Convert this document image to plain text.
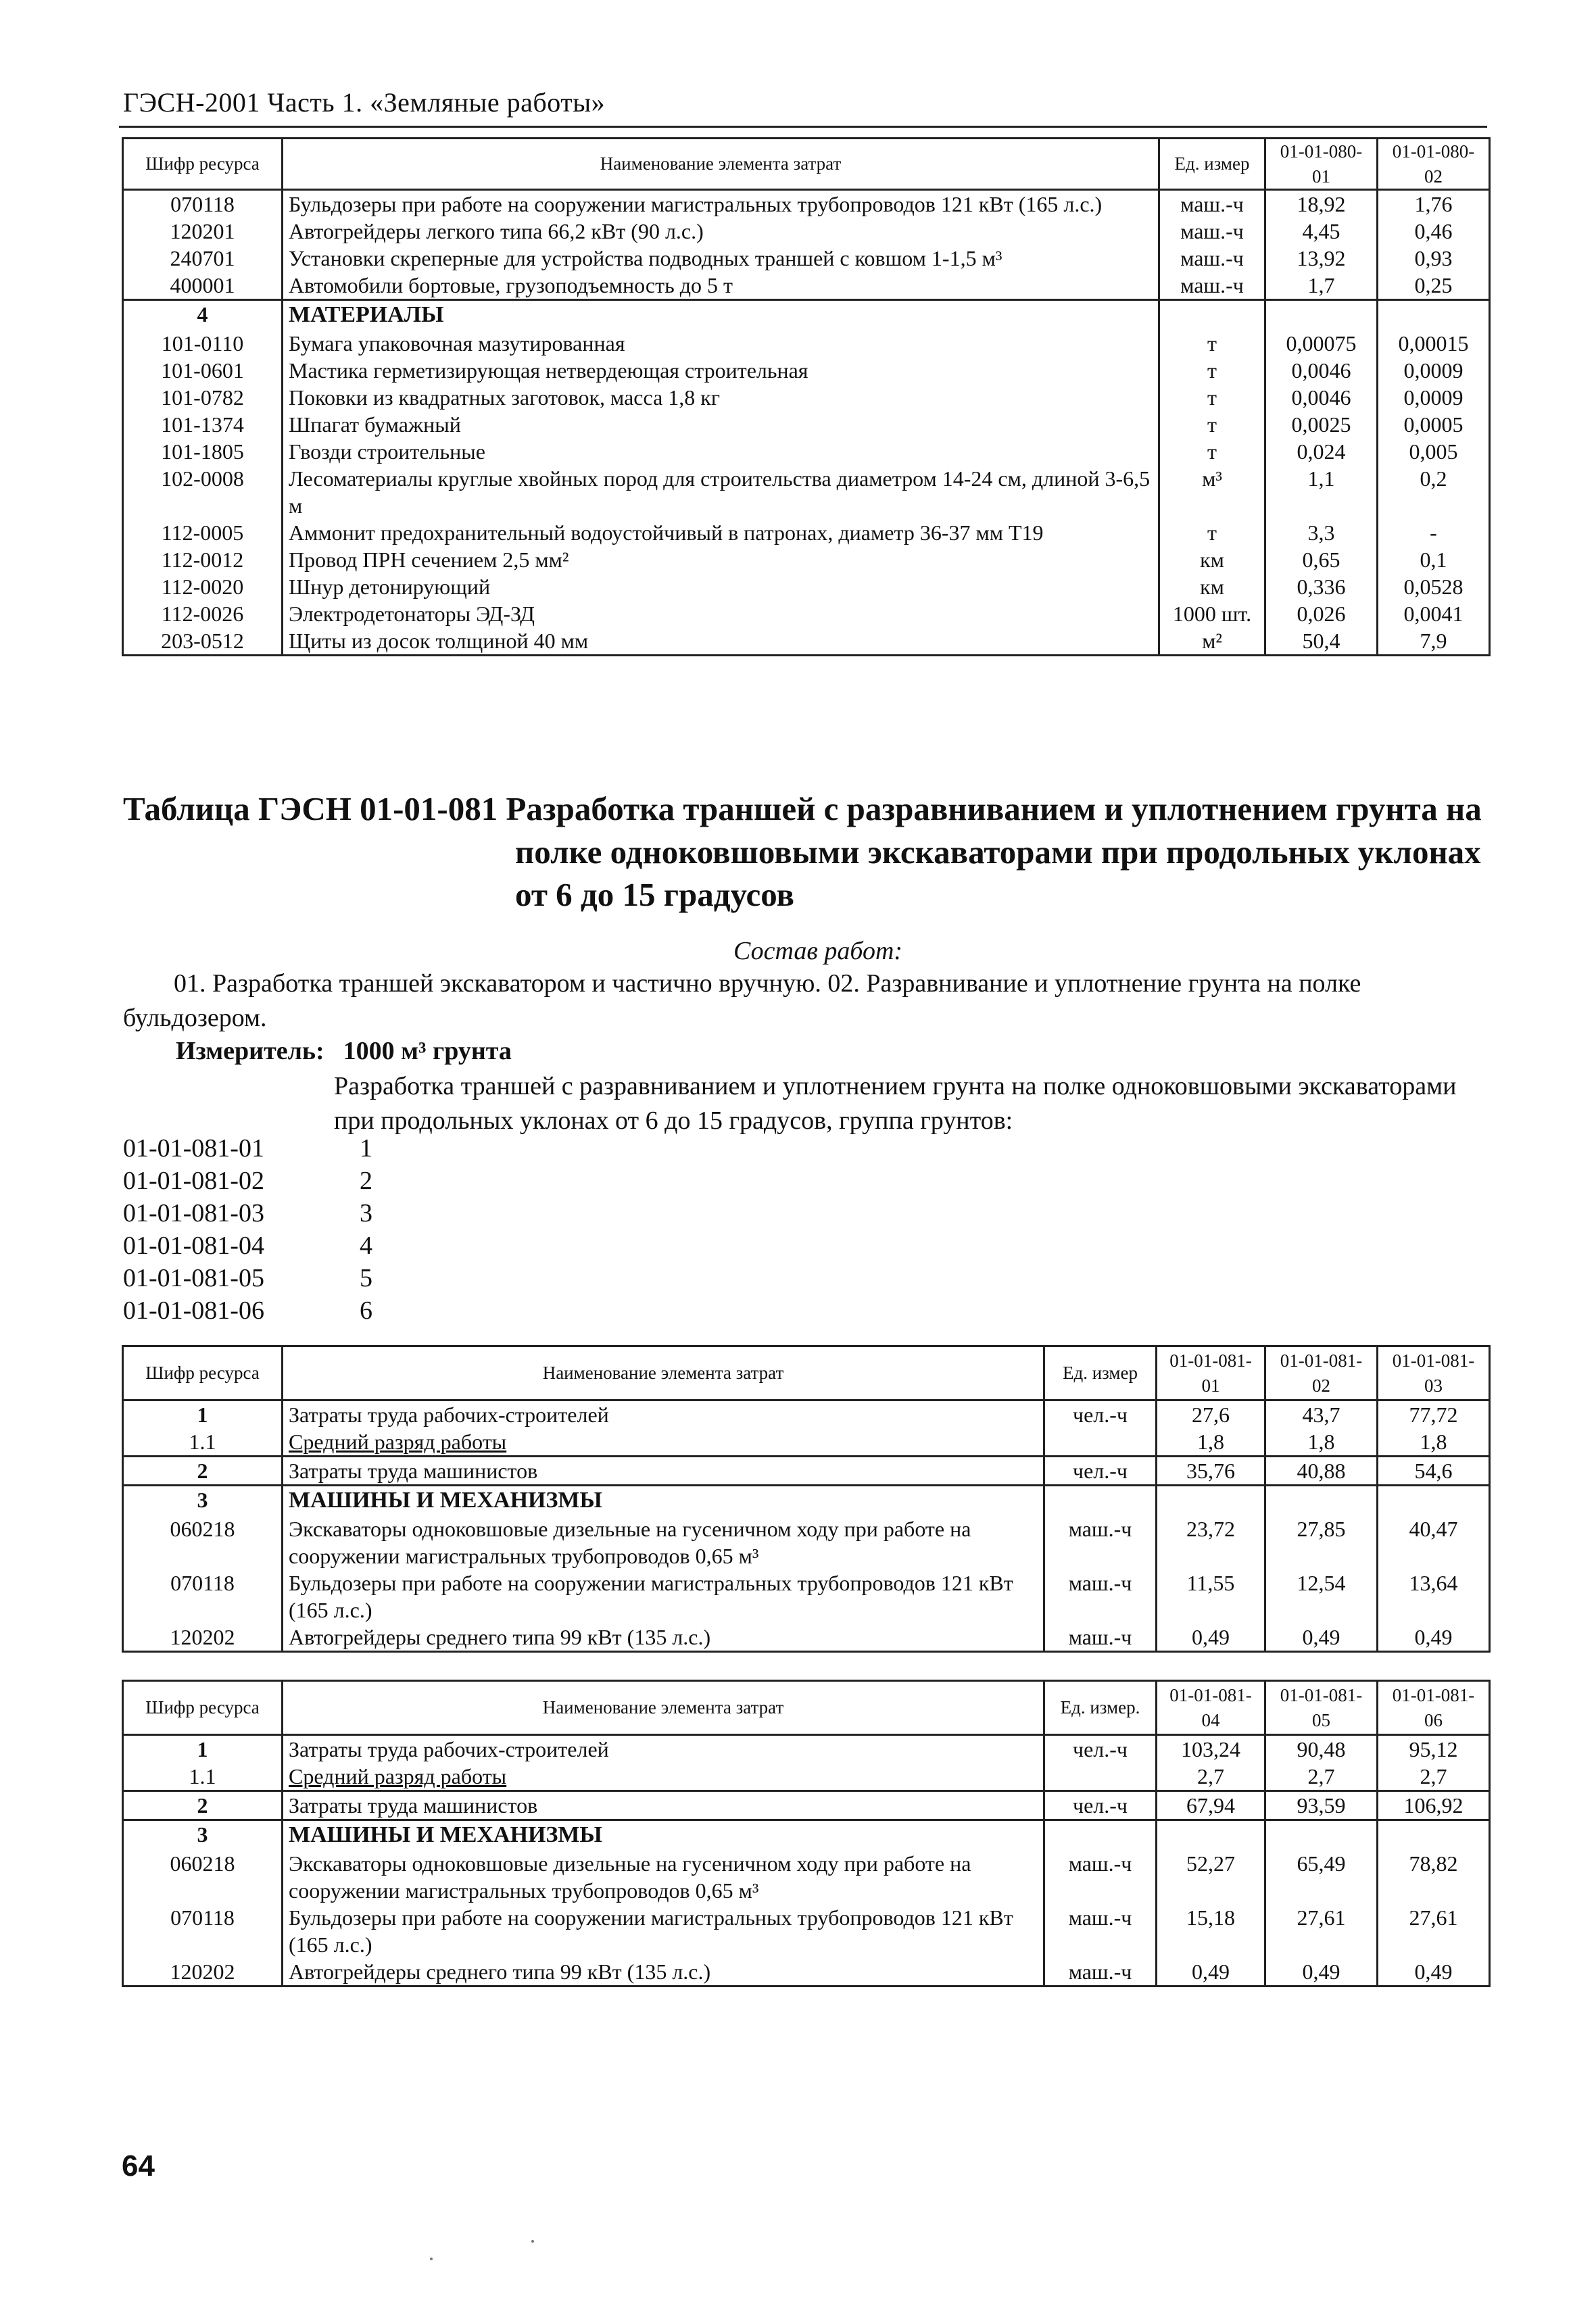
ГЭСН-2001 Часть 1. «Земляные работы»
Шифр ресурса	Наименование элемента затрат	Ед. измер	01-01-080-01	01-01-080-02
070118	Бульдозеры при работе на сооружении магистральных трубопроводов 121 кВт (165 л.с.)	маш.-ч	18,92	1,76
120201	Автогрейдеры легкого типа 66,2 кВт (90 л.с.)	маш.-ч	4,45	0,46
240701	Установки скреперные для устройства подводных траншей с ковшом 1-1,5 м³	маш.-ч	13,92	0,93
400001	Автомобили бортовые, грузоподъемность до 5 т	маш.-ч	1,7	0,25
4	МАТЕРИАЛЫ			
101-0110	Бумага упаковочная мазутированная	т	0,00075	0,00015
101-0601	Мастика герметизирующая нетвердеющая строительная	т	0,0046	0,0009
101-0782	Поковки из квадратных заготовок, масса 1,8 кг	т	0,0046	0,0009
101-1374	Шпагат бумажный	т	0,0025	0,0005
101-1805	Гвозди строительные	т	0,024	0,005
102-0008	Лесоматериалы круглые хвойных пород для строительства диаметром 14-24 см, длиной 3-6,5 м	м³	1,1	0,2
112-0005	Аммонит предохранительный водоустойчивый в патронах, диаметр 36-37 мм Т19	т	3,3	-
112-0012	Провод ПРН сечением 2,5 мм²	км	0,65	0,1
112-0020	Шнур детонирующий	км	0,336	0,0528
112-0026	Электродетонаторы ЭД-ЗД	1000 шт.	0,026	0,0041
203-0512	Щиты из досок толщиной 40 мм	м²	50,4	7,9
Таблица ГЭСН 01-01-081 Разработка траншей с разравниванием и уплотнением грунта на
полке одноковшовыми экскаваторами при продольных уклонах
от 6 до 15 градусов
Состав работ:
01. Разработка траншей экскаватором и частично вручную. 02. Разравнивание и уплотнение грунта на полке бульдозером.
Измеритель: 1000 м³ грунта
Разработка траншей с разравниванием и уплотнением грунта на полке одноковшовыми экскаваторами при продольных уклонах от 6 до 15 градусов, группа грунтов:
01-01-081-01	1
01-01-081-02	2
01-01-081-03	3
01-01-081-04	4
01-01-081-05	5
01-01-081-06	6
Шифр ресурса	Наименование элемента затрат	Ед. измер	01-01-081-01	01-01-081-02	01-01-081-03
1	Затраты труда рабочих-строителей	чел.-ч	27,6	43,7	77,72
1.1	Средний разряд работы		1,8	1,8	1,8
2	Затраты труда машинистов	чел.-ч	35,76	40,88	54,6
3	МАШИНЫ И МЕХАНИЗМЫ				
060218	Экскаваторы одноковшовые дизельные на гусеничном ходу при работе на сооружении магистральных трубопроводов 0,65 м³	маш.-ч	23,72	27,85	40,47
070118	Бульдозеры при работе на сооружении магистральных трубопроводов 121 кВт (165 л.с.)	маш.-ч	11,55	12,54	13,64
120202	Автогрейдеры среднего типа 99 кВт (135 л.с.)	маш.-ч	0,49	0,49	0,49
Шифр ресурса	Наименование элемента затрат	Ед. измер.	01-01-081-04	01-01-081-05	01-01-081-06
1	Затраты труда рабочих-строителей	чел.-ч	103,24	90,48	95,12
1.1	Средний разряд работы		2,7	2,7	2,7
2	Затраты труда машинистов	чел.-ч	67,94	93,59	106,92
3	МАШИНЫ И МЕХАНИЗМЫ				
060218	Экскаваторы одноковшовые дизельные на гусеничном ходу при работе на сооружении магистральных трубопроводов 0,65 м³	маш.-ч	52,27	65,49	78,82
070118	Бульдозеры при работе на сооружении магистральных трубопроводов 121 кВт (165 л.с.)	маш.-ч	15,18	27,61	27,61
120202	Автогрейдеры среднего типа 99 кВт (135 л.с.)	маш.-ч	0,49	0,49	0,49
64
